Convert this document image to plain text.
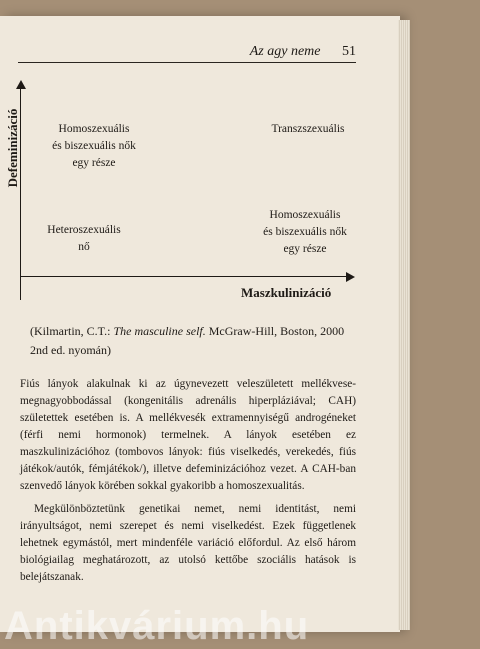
Az agy neme 51
Defeminizáció
Maszkulinizáció
Homoszexuális
és biszexuális nők
egy része
Transzszexuális
Heteroszexuális
nő
Homoszexuális
és biszexuális nők
egy része
(Kilmartin, C.T.: The masculine self. McGraw-Hill, Boston, 2000 2nd ed. nyomán)

Fiús lányok alakulnak ki az úgynevezett veleszületett mellékvese-megnagyobbodással (kongenitális adrenális hiperpláziával; CAH) születettek esetében is. A mellékvesék extramennyiségű androgéneket (férfi nemi hormonok) termelnek. A lányok esetében ez maszkulinizációhoz (tombovos lányok: fiús viselkedés, verekedés, fiús játékok/autók, fémjátékok/), illetve defeminizációhoz vezet. A CAH-ban szenvedő lányok körében sokkal gyakoribb a homoszexualitás.

Megkülönböztetünk genetikai nemet, nemi identitást, nemi irányultságot, nemi szerepet és nemi viselkedést. Ezek függetlenek lehetnek egymástól, mert mindenféle variáció előfordul. Az első három biológiailag meghatározott, az utolsó kettőbe szociális hatások is belejátszanak.

Antikvárium.hu
